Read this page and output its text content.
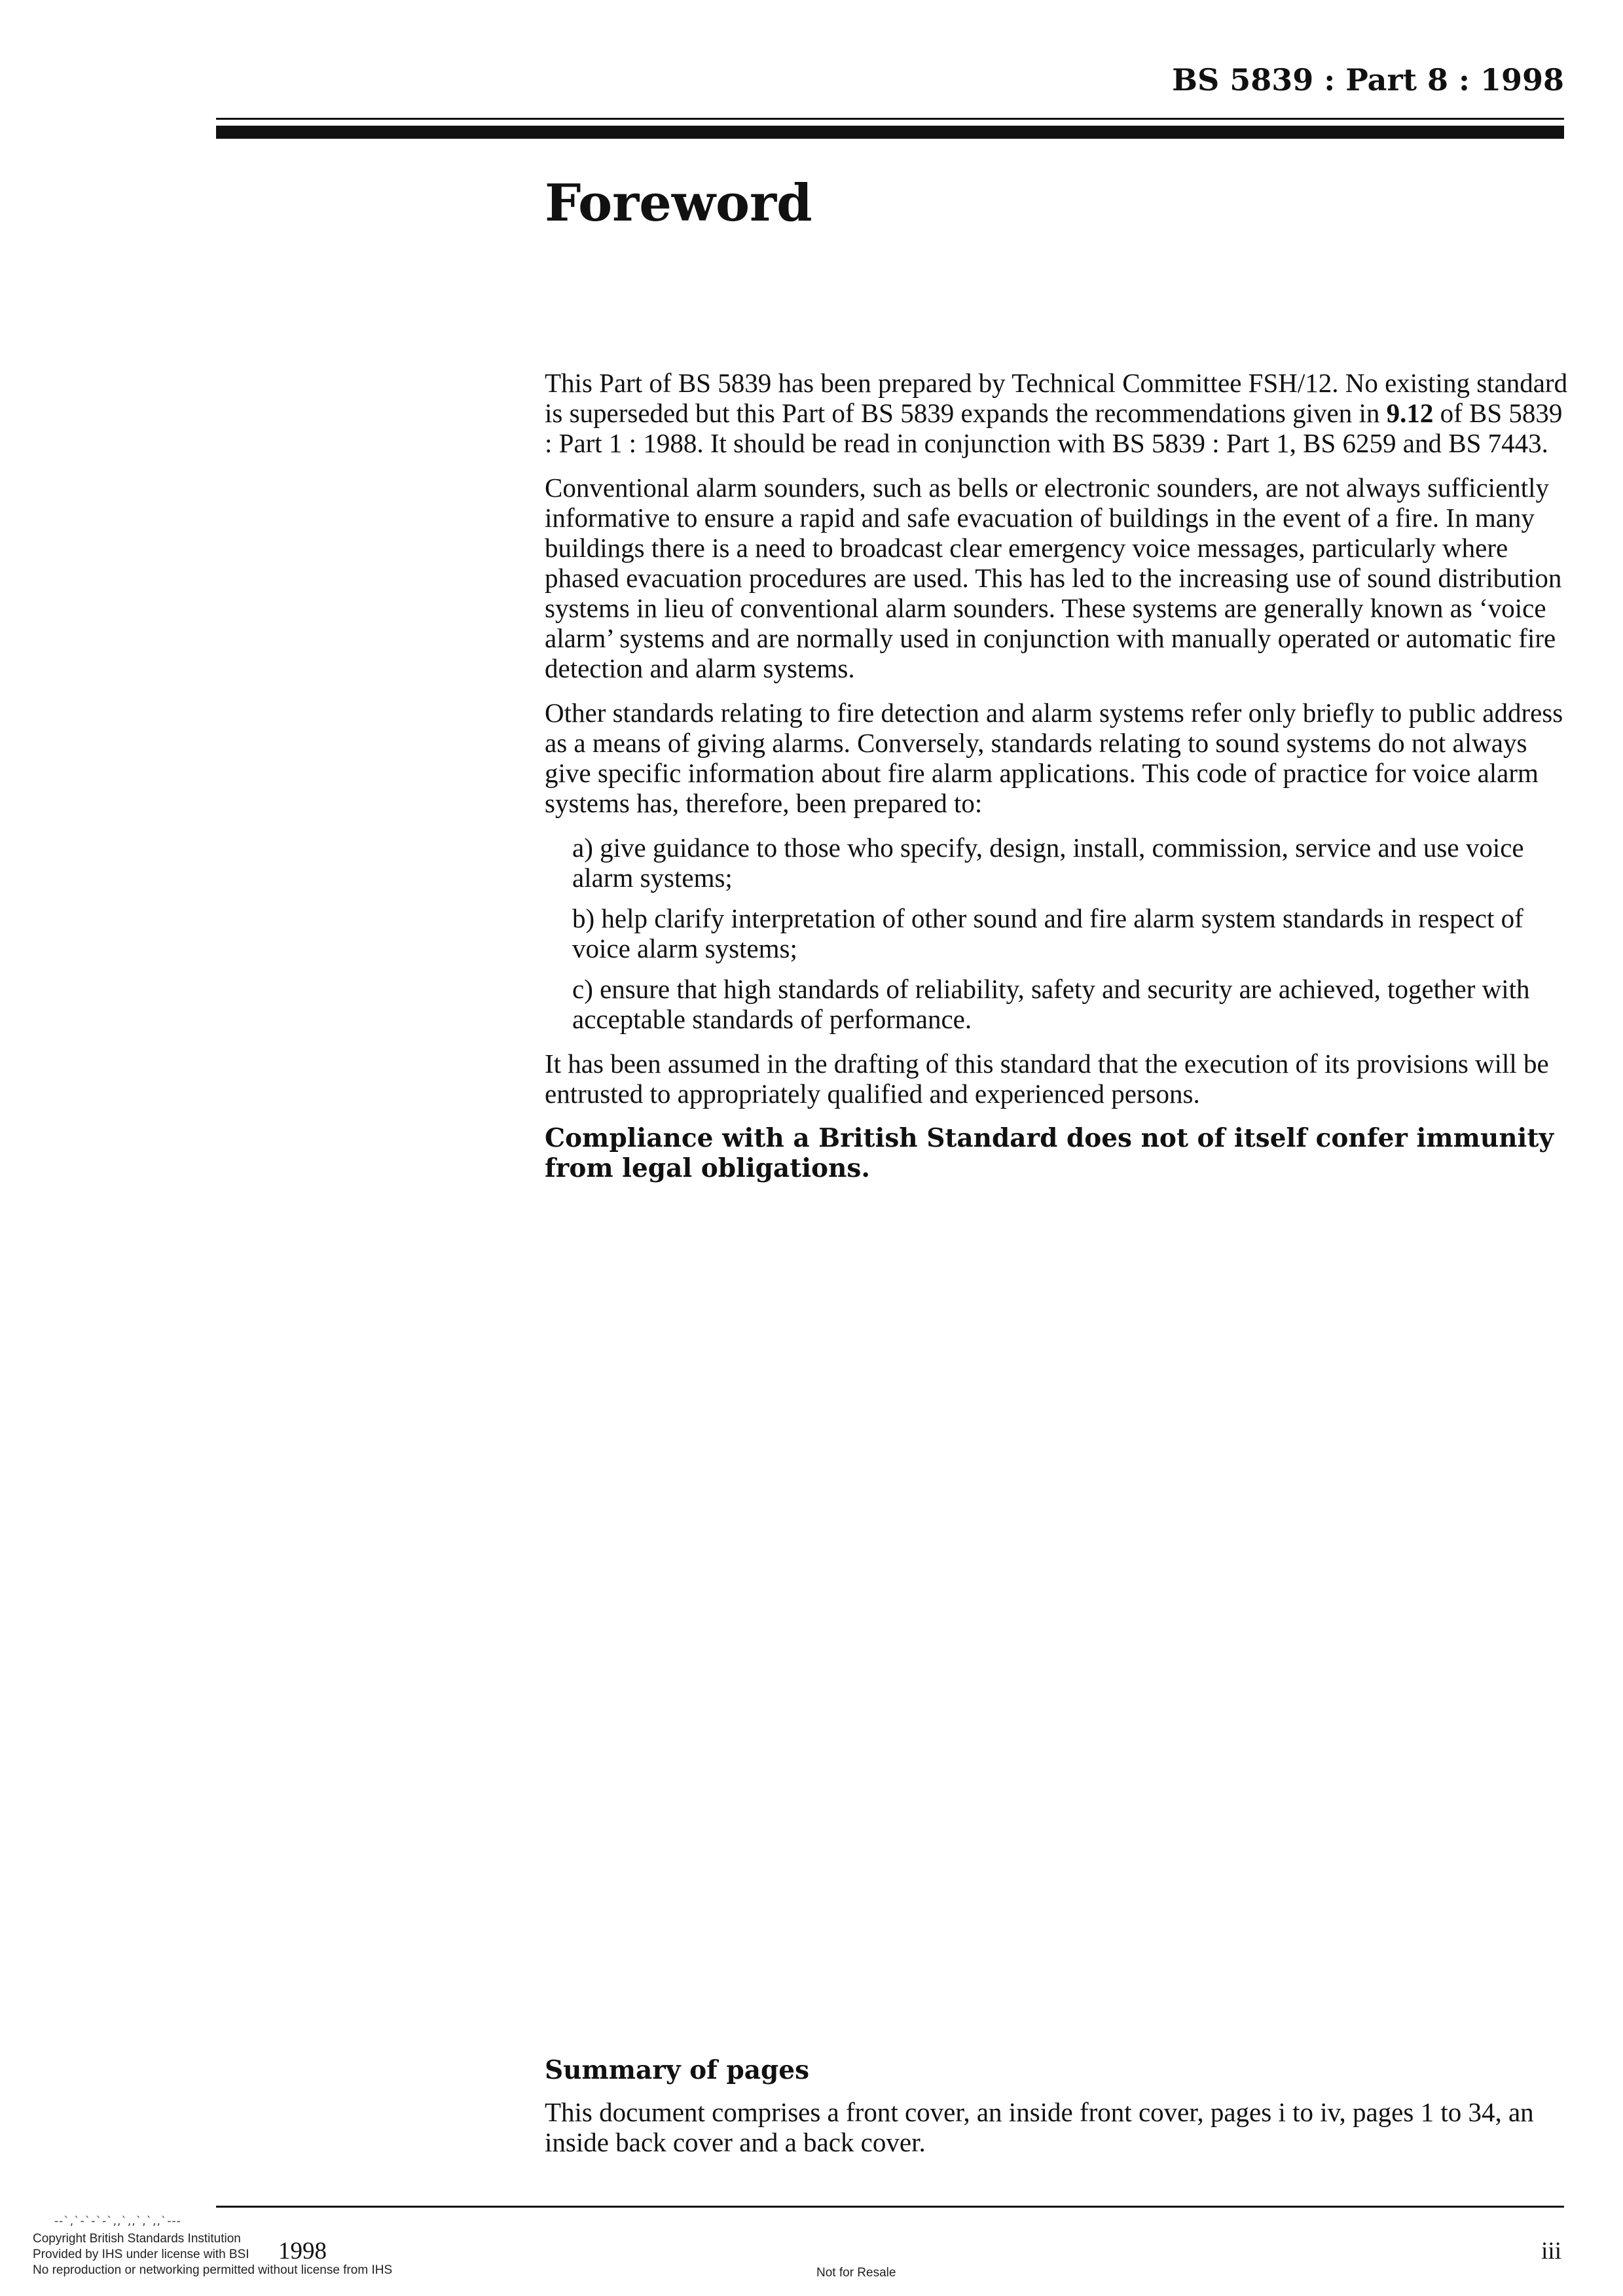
BS 5839 : Part 8 : 1998
Foreword

This Part of BS 5839 has been prepared by Technical Committee FSH/12. No existing standard is superseded but this Part of BS 5839 expands the recommendations given in 9.12 of BS 5839 : Part 1 : 1988. It should be read in conjunction with BS 5839 : Part 1, BS 6259 and BS 7443.

Conventional alarm sounders, such as bells or electronic sounders, are not always sufficiently informative to ensure a rapid and safe evacuation of buildings in the event of a fire. In many buildings there is a need to broadcast clear emergency voice messages, particularly where phased evacuation procedures are used. This has led to the increasing use of sound distribution systems in lieu of conventional alarm sounders. These systems are generally known as ‘voice alarm’ systems and are normally used in conjunction with manually operated or automatic fire detection and alarm systems.

Other standards relating to fire detection and alarm systems refer only briefly to public address as a means of giving alarms. Conversely, standards relating to sound systems do not always give specific information about fire alarm applications. This code of practice for voice alarm systems has, therefore, been prepared to:

a) give guidance to those who specify, design, install, commission, service and use voice alarm systems;
b) help clarify interpretation of other sound and fire alarm system standards in respect of voice alarm systems;
c) ensure that high standards of reliability, safety and security are achieved, together with acceptable standards of performance.

It has been assumed in the drafting of this standard that the execution of its provisions will be entrusted to appropriately qualified and experienced persons.

Compliance with a British Standard does not of itself confer immunity from legal obligations.

Summary of pages

This document comprises a front cover, an inside front cover, pages i to iv, pages 1 to 34, an inside back cover and a back cover.

--`,`-`-`-`,,`,,`,`,,`---
Copyright British Standards Institution
Provided by IHS under license with BSI
No reproduction or networking permitted without license from IHS
1998
Not for Resale
iii
